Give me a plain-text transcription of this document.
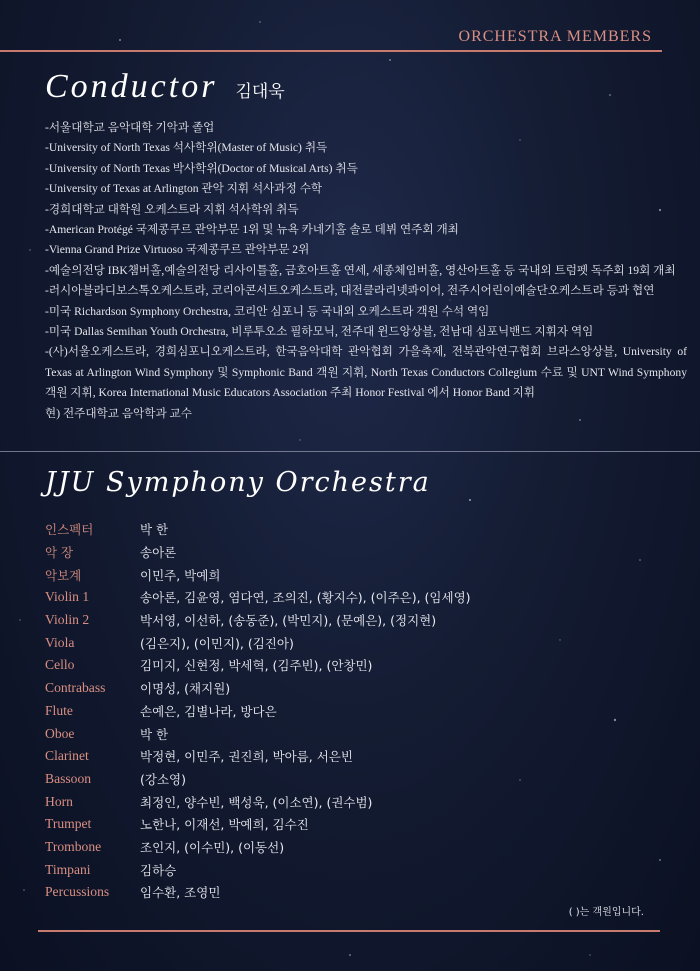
ORCHESTRA MEMBERS
Conductor 김대욱
-서울대학교 음악대학 기악과 졸업
-University of North Texas 석사학위(Master of Music) 취득
-University of North Texas 박사학위(Doctor of Musical Arts) 취득
-University of Texas at Arlington 관악 지휘 석사과정 수학
-경희대학교 대학원 오케스트라 지휘 석사학위 취득
-American Protégé 국제콩쿠르 관악부문 1위 및 뉴욕 카네기홀 솔로 데뷔 연주회 개최
-Vienna Grand Prize Virtuoso 국제콩쿠르 관악부문 2위
-예술의전당 IBK챔버홀,예술의전당 리사이틀홀, 금호아트홀 연세, 세종체임버홀, 영산아트홀 등 국내외 트럼펫 독주회 19회 개최
-러시아블라디보스톡오케스트라, 코리아콘서트오케스트라, 대전클라리넷콰이어, 전주시어린이예술단오케스트라 등과 협연
-미국 Richardson Symphony Orchestra, 코리안 심포니 등 국내외 오케스트라 객원 수석 역임
-미국 Dallas Semihan Youth Orchestra, 비루투오소 필하모닉, 전주대 윈드앙상블, 전남대 심포닉밴드 지휘자 역임
-(사)서울오케스트라, 경희심포니오케스트라, 한국음악대학 관악협회 가을축제, 전북관악연구협회 브라스앙상블, University of Texas at Arlington Wind Symphony 및 Symphonic Band 객원 지휘, North Texas Conductors Collegium 수료 및 UNT Wind Symphony 객원 지휘, Korea International Music Educators Association 주최 Honor Festival 에서 Honor Band 지휘
현) 전주대학교 음악학과 교수
JJU Symphony Orchestra
인스펙터	박 한
악 장	송아론
악보계	이민주, 박예희
Violin 1	송아론, 김윤영, 염다연, 조의진, (황지수), (이주은), (임세영)
Violin 2	박서영, 이선하, (송동준), (박민지), (문예은), (정지현)
Viola	(김은지), (이민지), (김진아)
Cello	김미지, 신현정, 박세혁, (김주빈), (안창민)
Contrabass	이명성, (채지원)
Flute	손예은, 김별나라, 방다은
Oboe	박 한
Clarinet	박정현, 이민주, 권진희, 박아름, 서은빈
Bassoon	(강소영)
Horn	최정인, 양수빈, 백성욱, (이소연), (권수범)
Trumpet	노한나, 이재선, 박예희, 김수진
Trombone	조인지, (이수민), (이동선)
Timpani	김하승
Percussions	임수환, 조영민
( )는 객원입니다.
